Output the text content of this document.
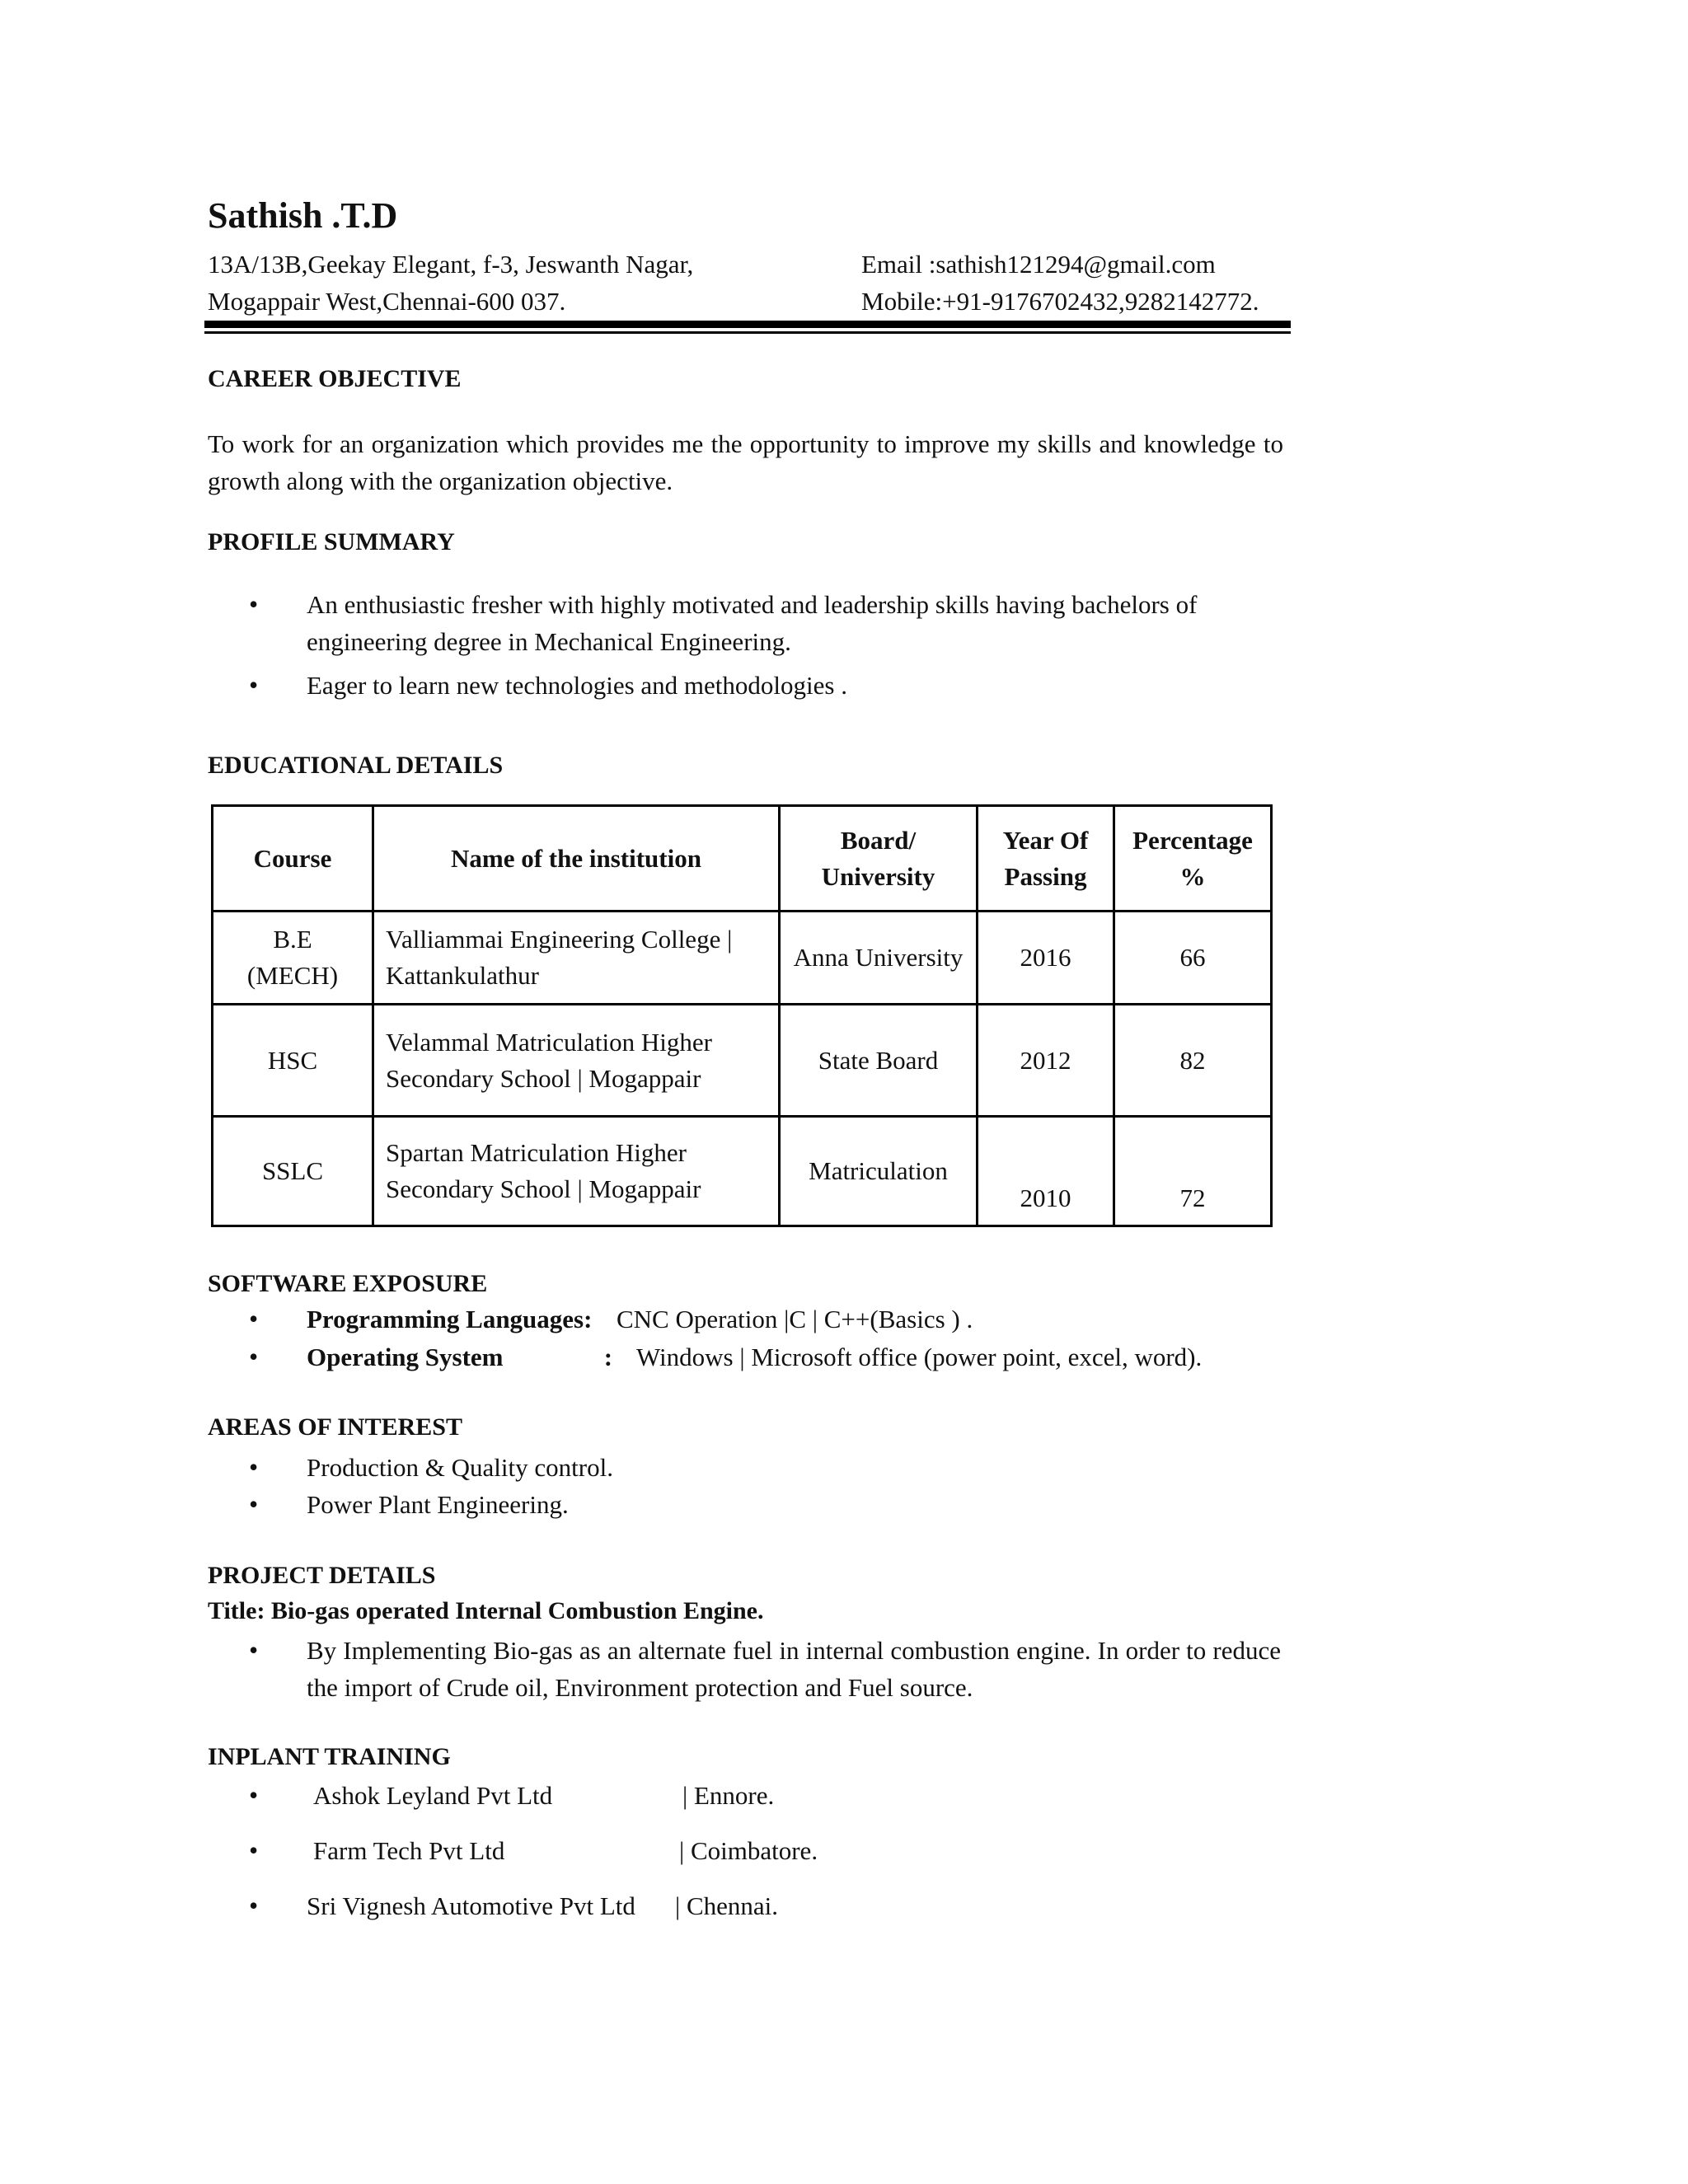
Sathish .T.D
13A/13B,Geekay Elegant, f-3, Jeswanth Nagar,
Mogappair West,Chennai-600 037.
Email :sathish121294@gmail.com
Mobile:+91-9176702432,9282142772.
CAREER OBJECTIVE
To work for an organization which provides me the opportunity to improve my skills and knowledge to growth along with the organization objective.
PROFILE SUMMARY
• An enthusiastic fresher with highly motivated and leadership skills having bachelors of engineering degree in Mechanical Engineering.
• Eager to learn new technologies and methodologies .
EDUCATIONAL DETAILS
Course	Name of the institution	Board/ University	Year Of Passing	Percentage %
B.E (MECH)	Valliammai Engineering College | Kattankulathur	Anna University	2016	66
HSC	Velammal Matriculation Higher Secondary School | Mogappair	State Board	2012	82
SSLC	Spartan Matriculation Higher Secondary School | Mogappair	Matriculation	2010	72
SOFTWARE EXPOSURE
• Programming Languages: CNC Operation |C | C++(Basics ) .
• Operating System	: Windows | Microsoft office (power point, excel, word).
AREAS OF INTEREST
• Production & Quality control.
• Power Plant Engineering.
PROJECT DETAILS
Title: Bio-gas operated Internal Combustion Engine.
• By Implementing Bio-gas as an alternate fuel in internal combustion engine. In order to reduce the import of Crude oil, Environment protection and Fuel source.
INPLANT TRAINING
• Ashok Leyland Pvt Ltd	| Ennore.
• Farm Tech Pvt Ltd	| Coimbatore.
• Sri Vignesh Automotive Pvt Ltd | Chennai.
